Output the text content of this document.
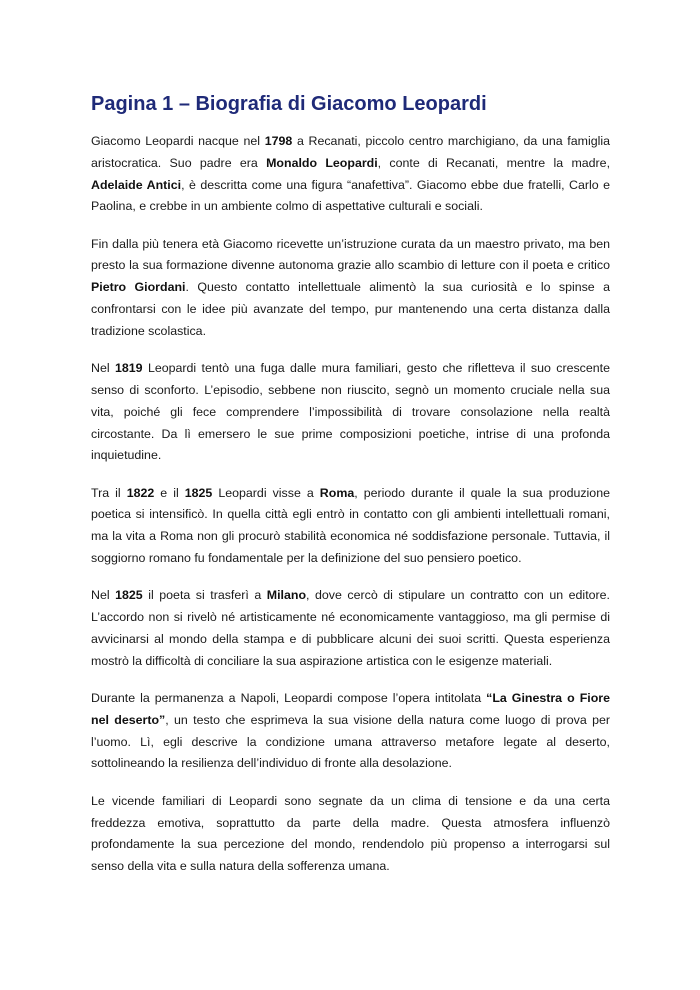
Pagina 1 – Biografia di Giacomo Leopardi

Giacomo Leopardi nacque nel 1798 a Recanati, piccolo centro marchigiano, da una famiglia aristocratica. Suo padre era Monaldo Leopardi, conte di Recanati, mentre la madre, Adelaide Antici, è descritta come una figura “anafettiva”. Giacomo ebbe due fratelli, Carlo e Paolina, e crebbe in un ambiente colmo di aspettative culturali e sociali.

Fin dalla più tenera età Giacomo ricevette un’istruzione curata da un maestro privato, ma ben presto la sua formazione divenne autonoma grazie allo scambio di letture con il poeta e critico Pietro Giordani. Questo contatto intellettuale alimentò la sua curiosità e lo spinse a confrontarsi con le idee più avanzate del tempo, pur mantenendo una certa distanza dalla tradizione scolastica.

Nel 1819 Leopardi tentò una fuga dalle mura familiari, gesto che rifletteva il suo crescente senso di sconforto. L’episodio, sebbene non riuscito, segnò un momento cruciale nella sua vita, poiché gli fece comprendere l’impossibilità di trovare consolazione nella realtà circostante. Da lì emersero le sue prime composizioni poetiche, intrise di una profonda inquietudine.

Tra il 1822 e il 1825 Leopardi visse a Roma, periodo durante il quale la sua produzione poetica si intensificò. In quella città egli entrò in contatto con gli ambienti intellettuali romani, ma la vita a Roma non gli procurò stabilità economica né soddisfazione personale. Tuttavia, il soggiorno romano fu fondamentale per la definizione del suo pensiero poetico.

Nel 1825 il poeta si trasferì a Milano, dove cercò di stipulare un contratto con un editore. L’accordo non si rivelò né artisticamente né economicamente vantaggioso, ma gli permise di avvicinarsi al mondo della stampa e di pubblicare alcuni dei suoi scritti. Questa esperienza mostrò la difficoltà di conciliare la sua aspirazione artistica con le esigenze materiali.

Durante la permanenza a Napoli, Leopardi compose l’opera intitolata “La Ginestra o Fiore nel deserto”, un testo che esprimeva la sua visione della natura come luogo di prova per l’uomo. Lì, egli descrive la condizione umana attraverso metafore legate al deserto, sottolineando la resilienza dell’individuo di fronte alla desolazione.

Le vicende familiari di Leopardi sono segnate da un clima di tensione e da una certa freddezza emotiva, soprattutto da parte della madre. Questa atmosfera influenzò profondamente la sua percezione del mondo, rendendolo più propenso a interrogarsi sul senso della vita e sulla natura della sofferenza umana.
